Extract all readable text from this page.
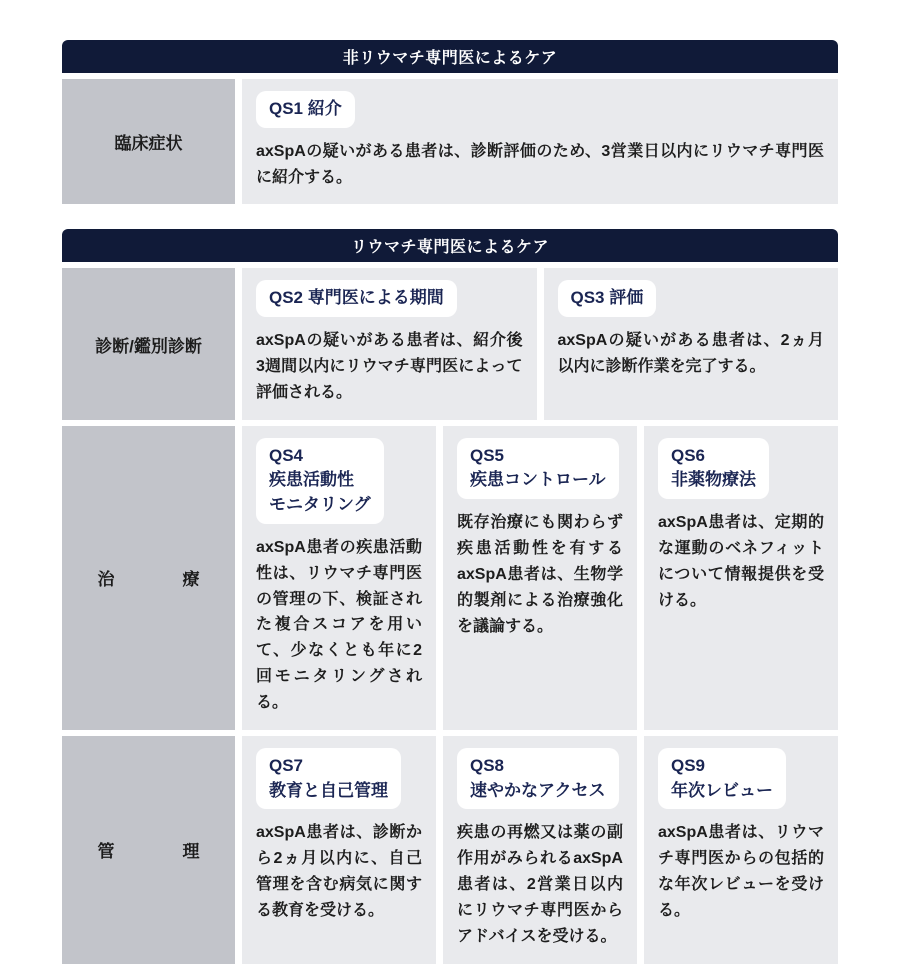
非リウマチ専門医によるケア
臨床症状
QS1 紹介
axSpAの疑いがある患者は、診断評価のため、3営業日以内にリウマチ専門医に紹介する。
リウマチ専門医によるケア
診断/鑑別診断
QS2 専門医による期間
axSpAの疑いがある患者は、紹介後3週間以内にリウマチ専門医によって評価される。
QS3 評価
axSpAの疑いがある患者は、2ヵ月以内に診断作業を完了する。
治　　　　療
QS4
疾患活動性
モニタリング
axSpA患者の疾患活動性は、リウマチ専門医の管理の下、検証された複合スコアを用いて、少なくとも年に2回モニタリングされる。
QS5
疾患コントロール
既存治療にも関わらず疾患活動性を有するaxSpA患者は、生物学的製剤による治療強化を議論する。
QS6
非薬物療法
axSpA患者は、定期的な運動のベネフィットについて情報提供を受ける。
管　　　　理
QS7
教育と自己管理
axSpA患者は、診断から2ヵ月以内に、自己管理を含む病気に関する教育を受ける。
QS8
速やかなアクセス
疾患の再燃又は薬の副作用がみられるaxSpA患者は、2営業日以内にリウマチ専門医からアドバイスを受ける。
QS9
年次レビュー
axSpA患者は、リウマチ専門医からの包括的な年次レビューを受ける。
